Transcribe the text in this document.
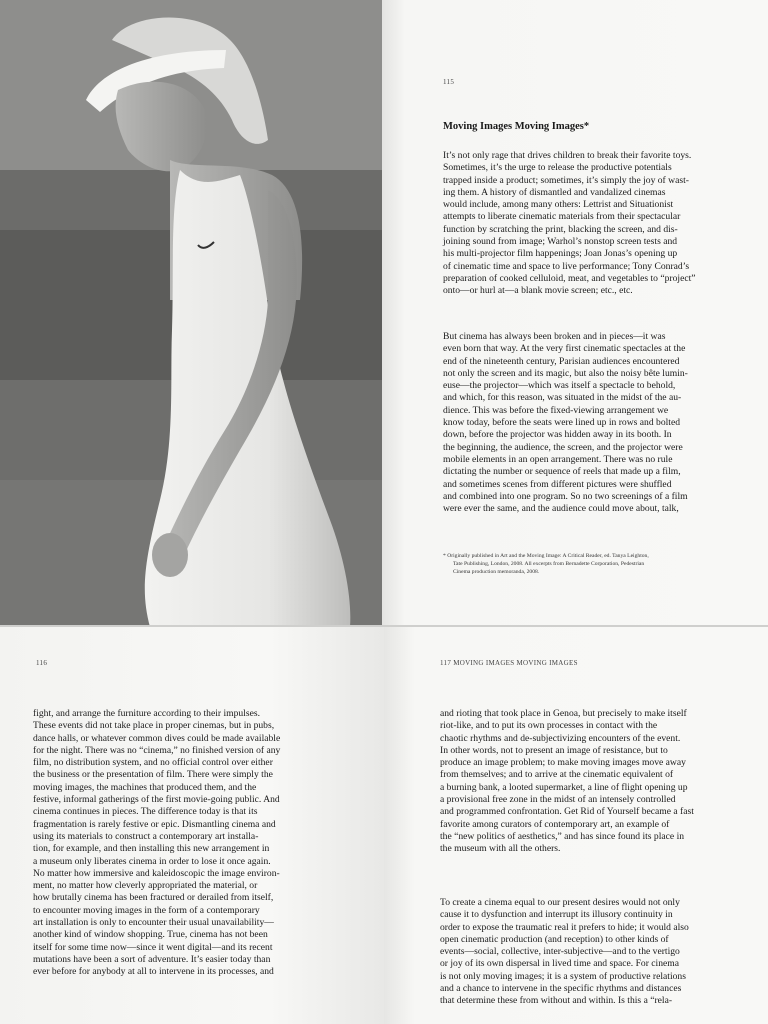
115
Moving Images Moving Images*

It’s not only rage that drives children to break their favorite toys.
Sometimes, it’s the urge to release the productive potentials
trapped inside a product; sometimes, it’s simply the joy of wast-
ing them. A history of dismantled and vandalized cinemas
would include, among many others: Lettrist and Situationist
attempts to liberate cinematic materials from their spectacular
function by scratching the print, blacking the screen, and dis-
joining sound from image; Warhol’s nonstop screen tests and
his multi-projector film happenings; Joan Jonas’s opening up
of cinematic time and space to live performance; Tony Conrad’s
preparation of cooked celluloid, meat, and vegetables to “project”
onto—or hurl at—a blank movie screen; etc., etc.

But cinema has always been broken and in pieces—it was
even born that way. At the very first cinematic spectacles at the
end of the nineteenth century, Parisian audiences encountered
not only the screen and its magic, but also the noisy bête lumin-
euse—the projector—which was itself a spectacle to behold,
and which, for this reason, was situated in the midst of the au-
dience. This was before the fixed-viewing arrangement we
know today, before the seats were lined up in rows and bolted
down, before the projector was hidden away in its booth. In
the beginning, the audience, the screen, and the projector were
mobile elements in an open arrangement. There was no rule
dictating the number or sequence of reels that made up a film,
and sometimes scenes from different pictures were shuffled
and combined into one program. So no two screenings of a film
were ever the same, and the audience could move about, talk,

* Originally published in Art and the Moving Image: A Critical Reader, ed. Tanya Leighton,
Tate Publishing, London, 2008. All excerpts from Bernadette Corporation, Pedestrian
Cinema production memoranda, 2008.
116

fight, and arrange the furniture according to their impulses.
These events did not take place in proper cinemas, but in pubs,
dance halls, or whatever common dives could be made available
for the night. There was no “cinema,” no finished version of any
film, no distribution system, and no official control over either
the business or the presentation of film. There were simply the
moving images, the machines that produced them, and the
festive, informal gatherings of the first movie-going public. And
cinema continues in pieces. The difference today is that its
fragmentation is rarely festive or epic. Dismantling cinema and
using its materials to construct a contemporary art installa-
tion, for example, and then installing this new arrangement in
a museum only liberates cinema in order to lose it once again.
No matter how immersive and kaleidoscopic the image environ-
ment, no matter how cleverly appropriated the material, or
how brutally cinema has been fractured or derailed from itself,
to encounter moving images in the form of a contemporary
art installation is only to encounter their usual unavailability—
another kind of window shopping. True, cinema has not been
itself for some time now—since it went digital—and its recent
mutations have been a sort of adventure. It’s easier today than
ever before for anybody at all to intervene in its processes, and

117 MOVING IMAGES MOVING IMAGES

and rioting that took place in Genoa, but precisely to make itself
riot-like, and to put its own processes in contact with the
chaotic rhythms and de-subjectivizing encounters of the event.
In other words, not to present an image of resistance, but to
produce an image problem; to make moving images move away
from themselves; and to arrive at the cinematic equivalent of
a burning bank, a looted supermarket, a line of flight opening up
a provisional free zone in the midst of an intensely controlled
and programmed confrontation. Get Rid of Yourself became a fast
favorite among curators of contemporary art, an example of
the “new politics of aesthetics,” and has since found its place in
the museum with all the others.

To create a cinema equal to our present desires would not only
cause it to dysfunction and interrupt its illusory continuity in
order to expose the traumatic real it prefers to hide; it would also
open cinematic production (and reception) to other kinds of
events—social, collective, inter-subjective—and to the vertigo
or joy of its own dispersal in lived time and space. For cinema
is not only moving images; it is a system of productive relations
and a chance to intervene in the specific rhythms and distances
that determine these from without and within. Is this a “rela-
